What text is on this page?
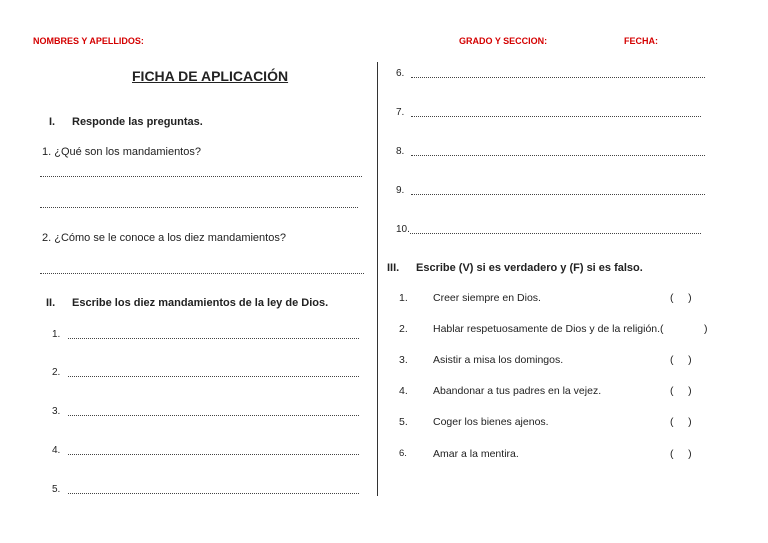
NOMBRES Y APELLIDOS:	GRADO Y SECCION:	FECHA:
FICHA DE APLICACIÓN
I. Responde las preguntas.
1. ¿Qué son los mandamientos?
2. ¿Cómo se le conoce a los diez mandamientos?
II. Escribe los diez mandamientos de la ley de Dios.
1.
2.
3.
4.
5.
6.
7.
8.
9.
10.
III. Escribe (V) si es verdadero y (F) si es falso.
1. Creer siempre en Dios.	(     )
2. Hablar respetuosamente de Dios y de la religión.(	)
3. Asistir a misa los domingos.	(     )
4. Abandonar a tus padres en la vejez.	(     )
5. Coger los bienes ajenos.	(     )
6. Amar a la mentira.	(     )
